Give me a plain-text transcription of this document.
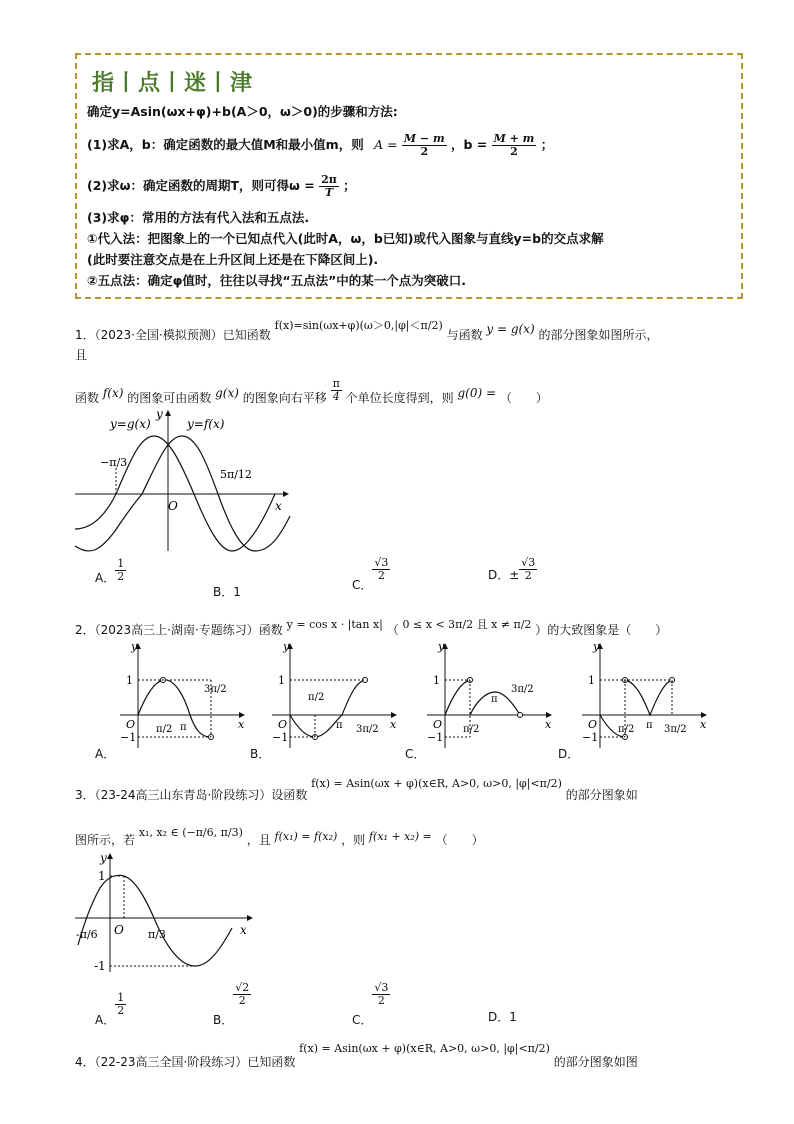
指丨点丨迷丨津
确定y=Asin(ωx+φ)+b(A＞0，ω＞0)的步骤和方法:
(1)求A，b：确定函数的最大值M和最小值m，则 $A = \frac{M - m}{2}$ ，$b = \frac{M + m}{2}$ ；
(2)求ω：确定函数的周期T，则可得$\omega = \frac{2\pi}{T}$ ；
(3)求φ：常用的方法有代入法和五点法.
①代入法：把图象上的一个已知点代入(此时A，ω，b已知)或代入图象与直线y=b的交点求解
(此时要注意交点是在上升区间上还是在下降区间上).
②五点法：确定φ值时，往往以寻找“五点法”中的某一个点为突破口.
1．（2023·全国·模拟预测）已知函数 f(x)=sin(ωx+φ)(ω＞0,|φ|＜π/2) 与函数 y = g(x) 的部分图象如图所示，
且
函数 f(x) 的图象可由函数 g(x) 的图象向右平移 $\frac{\pi}{4}$ 个单位长度得到，则 g(0) = （　　）
y=g(x)	y=f(x)
−π/3
5π/12
O	x
y
A． $\frac{1}{2}$
B．1	C．
$\frac{√3}{2}$	D．± $\frac{√3}{2}$
2．（2023高三上·湖南·专题练习）函数 y = cos x · |tan x| （ 0 ≤ x < 3π/2 且 x ≠ π/2 ）的大致图象是（　　）
1
−1
O
y
x
π/2 π
3π/2
A．
1
−1
O
y
x
π/2
π 3π/2
B．
1
−1
O
y
x
π/2
π
3π/2
C．
1
−1
O
y
x
π/2 π 3π/2
D．
3．（23-24高三山东青岛·阶段练习）设函数 f(x) = Asin(ωx + φ)(x∈R, A>0, ω>0, |φ|<π/2) 的部分图象如
图所示，若 x₁, x₂ ∈ (−π/6, π/3) ，且 f(x₁) = f(x₂) ，则 f(x₁ + x₂) = （　　）
1
-1
-π/6	π/3
O	x
y
A．
$\frac{1}{2}$
B．
$\frac{√2}{2}$
C．
$\frac{√3}{2}$
D．1
4．（22-23高三全国·阶段练习）已知函数 f(x) = Asin(ωx + φ)(x∈R, A>0, ω>0, |φ|<π/2) 的部分图象如图
